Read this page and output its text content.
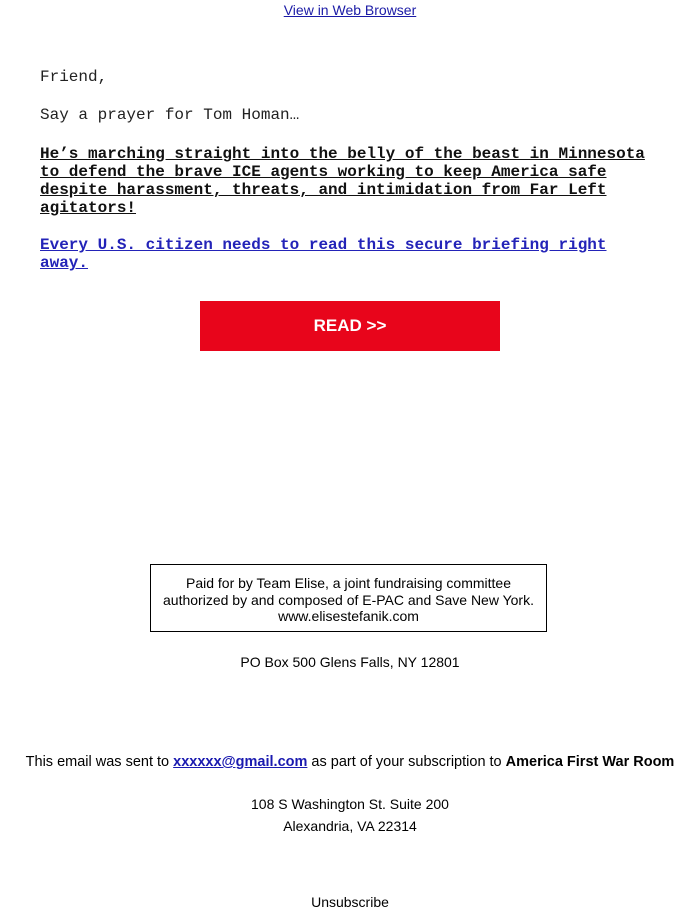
View in Web Browser
Friend,
Say a prayer for Tom Homan…
He’s marching straight into the belly of the beast in Minnesota to defend the brave ICE agents working to keep America safe despite harassment, threats, and intimidation from Far Left agitators!
Every U.S. citizen needs to read this secure briefing right away.
READ >>
Paid for by Team Elise, a joint fundraising committee
authorized by and composed of E-PAC and Save New York.
www.elisestefanik.com
PO Box 500 Glens Falls, NY 12801
This email was sent to xxxxxx@gmail.com as part of your subscription to America First War Room
108 S Washington St. Suite 200
Alexandria, VA 22314
Unsubscribe
